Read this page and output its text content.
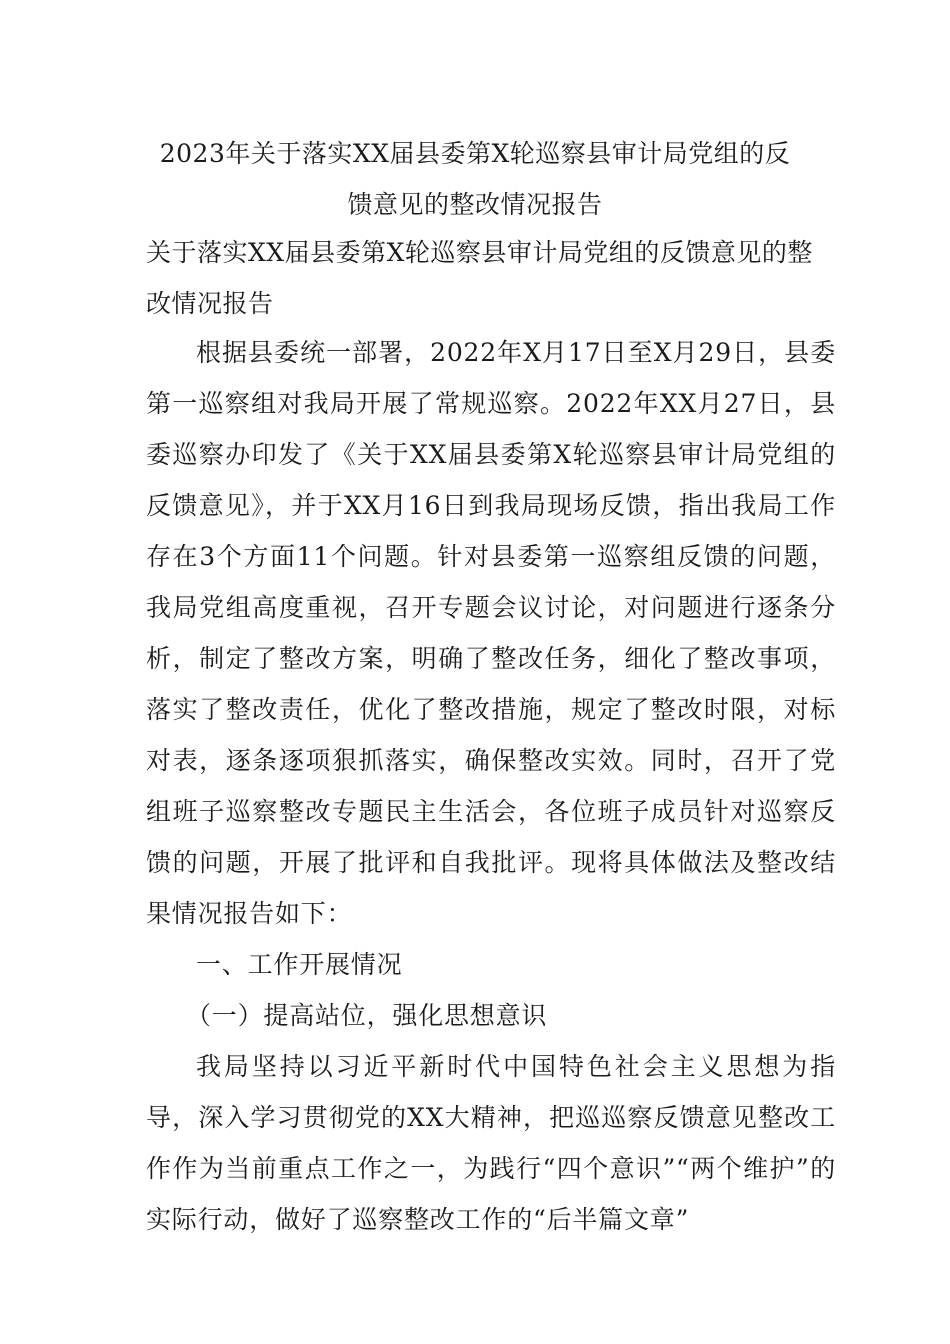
2023年关于落实XX届县委第X轮巡察县审计局党组的反
馈意见的整改情况报告
关于落实XX届县委第X轮巡察县审计局党组的反馈意见的整改情况报告

根据县委统一部署，2022年X月17日至X月29日，县委第一巡察组对我局开展了常规巡察。2022年XX月27日，县委巡察办印发了《关于XX届县委第X轮巡察县审计局党组的反馈意见》，并于XX月16日到我局现场反馈，指出我局工作存在3个方面11个问题。针对县委第一巡察组反馈的问题，我局党组高度重视，召开专题会议讨论，对问题进行逐条分析，制定了整改方案，明确了整改任务，细化了整改事项，落实了整改责任，优化了整改措施，规定了整改时限，对标对表，逐条逐项狠抓落实，确保整改实效。同时，召开了党组班子巡察整改专题民主生活会，各位班子成员针对巡察反馈的问题，开展了批评和自我批评。现将具体做法及整改结果情况报告如下：

一、工作开展情况

（一）提高站位，强化思想意识

我局坚持以习近平新时代中国特色社会主义思想为指导，深入学习贯彻党的XX大精神，把巡巡察反馈意见整改工作作为当前重点工作之一，为践行“四个意识”“两个维护”的实际行动，做好了巡察整改工作的“后半篇文章”
